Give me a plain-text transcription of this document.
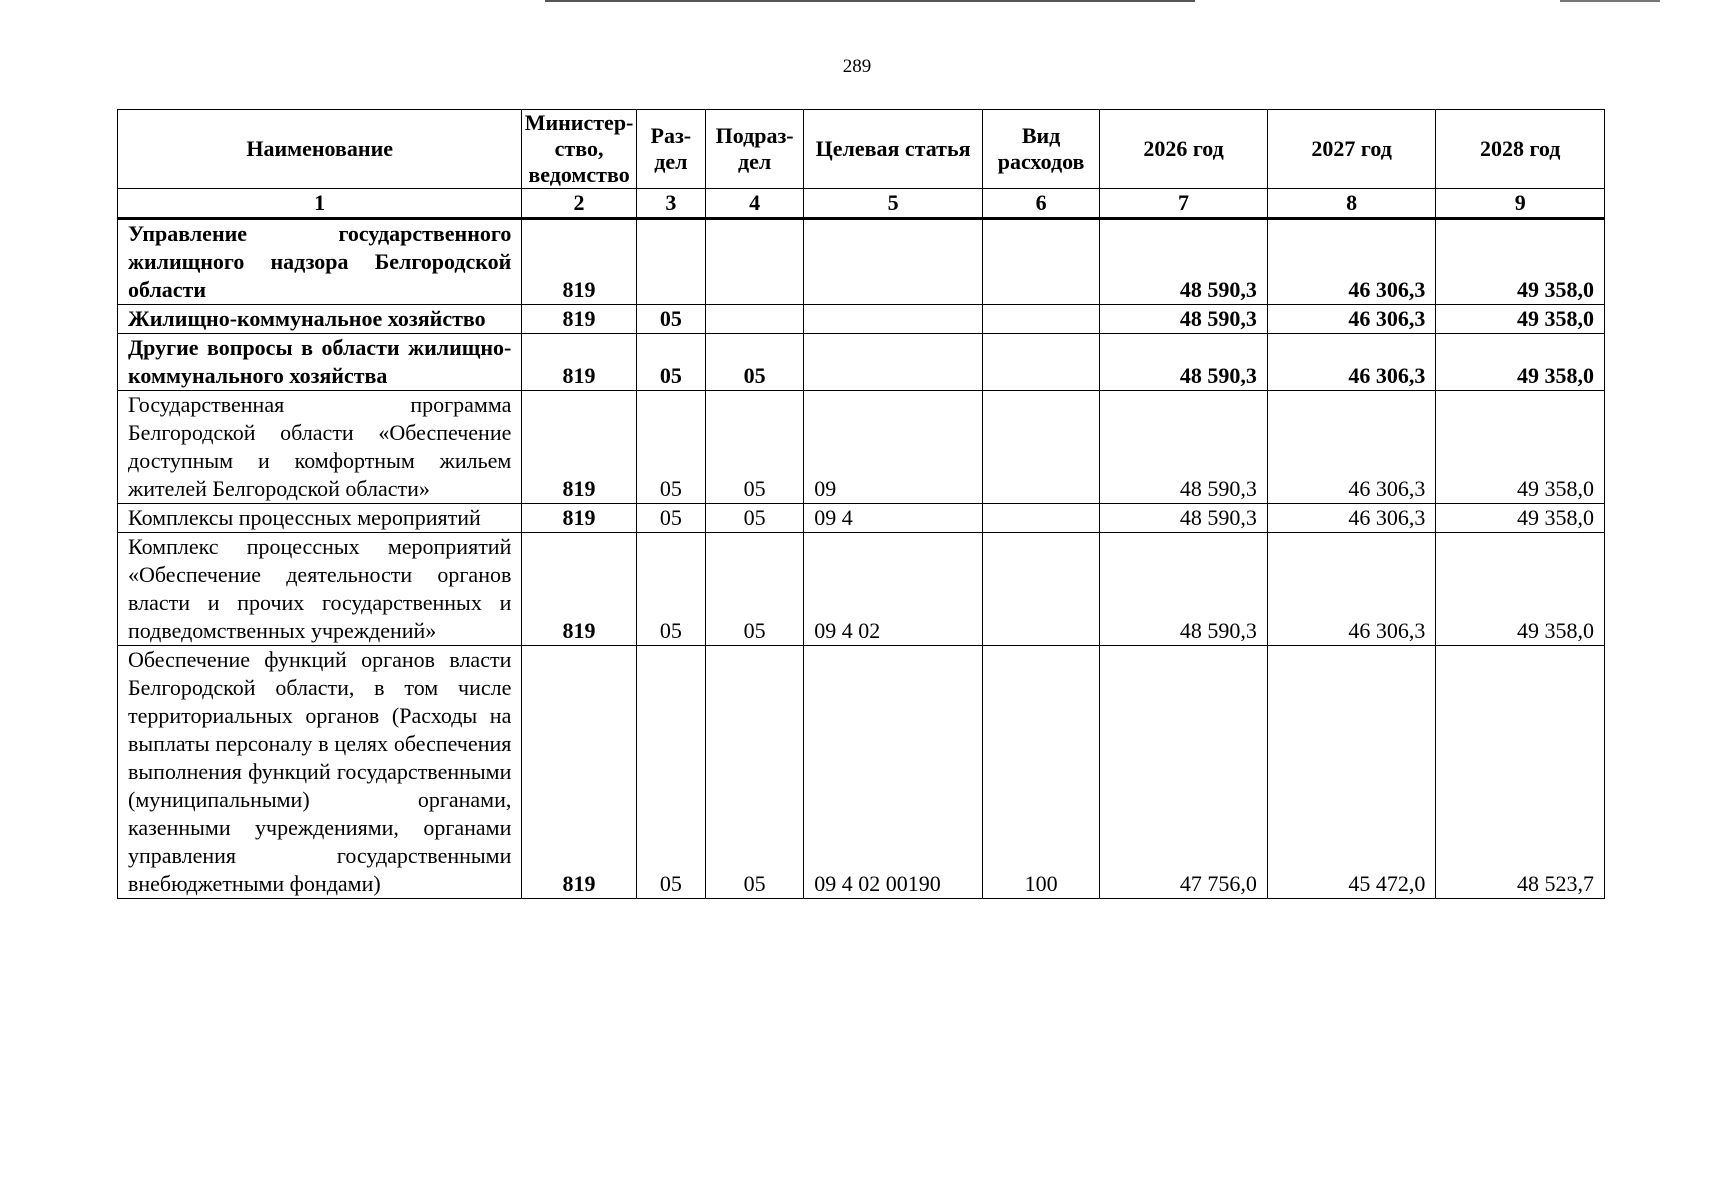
289
Наименование	Министер-ство, ведомство	Раз-дел	Подраз-дел	Целевая статья	Вид расходов	2026 год	2027 год	2028 год
1	2	3	4	5	6	7	8	9
Управление государственного жилищного надзора Белгородской области	819					48 590,3	46 306,3	49 358,0
Жилищно-коммунальное хозяйство	819	05				48 590,3	46 306,3	49 358,0
Другие вопросы в области жилищно-коммунального хозяйства	819	05	05			48 590,3	46 306,3	49 358,0
Государственная программа Белгородской области «Обеспечение доступным и комфортным жильем жителей Белгородской области»	819	05	05	09		48 590,3	46 306,3	49 358,0
Комплексы процессных мероприятий	819	05	05	09 4		48 590,3	46 306,3	49 358,0
Комплекс процессных мероприятий «Обеспечение деятельности органов власти и прочих государственных и подведомственных учреждений»	819	05	05	09 4 02		48 590,3	46 306,3	49 358,0
Обеспечение функций органов власти Белгородской области, в том числе территориальных органов (Расходы на выплаты персоналу в целях обеспечения выполнения функций государственными (муниципальными) органами, казенными учреждениями, органами управления государственными внебюджетными фондами)	819	05	05	09 4 02 00190	100	47 756,0	45 472,0	48 523,7
